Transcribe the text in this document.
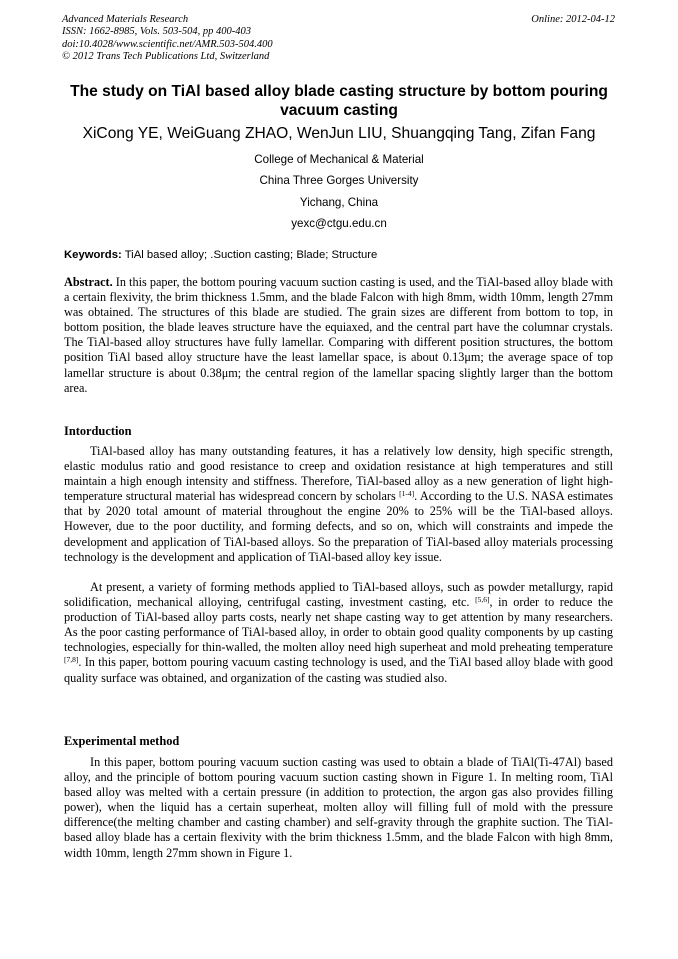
Advanced Materials Research
ISSN: 1662-8985, Vols. 503-504, pp 400-403
doi:10.4028/www.scientific.net/AMR.503-504.400
© 2012 Trans Tech Publications Ltd, Switzerland
Online: 2012-04-12
The study on TiAl based alloy blade casting structure by bottom pouring vacuum casting
XiCong YE, WeiGuang ZHAO, WenJun LIU, Shuangqing Tang, Zifan Fang
College of Mechanical & Material
China Three Gorges University
Yichang, China
yexc@ctgu.edu.cn
Keywords: TiAl based alloy; .Suction casting; Blade; Structure

Abstract. In this paper, the bottom pouring vacuum suction casting is used, and the TiAl-based alloy blade with a certain flexivity, the brim thickness 1.5mm, and the blade Falcon with high 8mm, width 10mm, length 27mm was obtained. The structures of this blade are studied. The grain sizes are different from bottom to top, in bottom position, the blade leaves structure have the equiaxed, and the central part have the columnar crystals. The TiAl-based alloy structures have fully lamellar. Comparing with different position structures, the bottom position TiAl based alloy structure have the least lamellar space, is about 0.13μm; the average space of top lamellar structure is about 0.38μm; the central region of the lamellar spacing slightly larger than the bottom area.

Intorduction

TiAl-based alloy has many outstanding features, it has a relatively low density, high specific strength, elastic modulus ratio and good resistance to creep and oxidation resistance at high temperatures and still maintain a high enough intensity and stiffness. Therefore, TiAl-based alloy as a new generation of light high-temperature structural material has widespread concern by scholars [1-4]. According to the U.S. NASA estimates that by 2020 total amount of material throughout the engine 20% to 25% will be the TiAl-based alloys. However, due to the poor ductility, and forming defects, and so on, which will constraints and impede the development and application of TiAl-based alloys. So the preparation of TiAl-based alloy materials processing technology is the development and application of TiAl-based alloy key issue.

At present, a variety of forming methods applied to TiAl-based alloys, such as powder metallurgy, rapid solidification, mechanical alloying, centrifugal casting, investment casting, etc. [5,6], in order to reduce the production of TiAl-based alloy parts costs, nearly net shape casting way to get attention by many researchers. As the poor casting performance of TiAl-based alloy, in order to obtain good quality components by up casting technologies, especially for thin-walled, the molten alloy need high superheat and mold preheating temperature [7,8]. In this paper, bottom pouring vacuum casting technology is used, and the TiAl based alloy blade with good quality surface was obtained, and organization of the casting was studied also.

Experimental method

In this paper, bottom pouring vacuum suction casting was used to obtain a blade of TiAl(Ti-47Al) based alloy, and the principle of bottom pouring vacuum suction casting shown in Figure 1. In melting room, TiAl based alloy was melted with a certain pressure (in addition to protection, the argon gas also provides filling power), when the liquid has a certain superheat, molten alloy will filling full of mold with the pressure difference(the melting chamber and casting chamber) and self-gravity through the graphite suction. The TiAl-based alloy blade has a certain flexivity with the brim thickness 1.5mm, and the blade Falcon with high 8mm, width 10mm, length 27mm shown in Figure 1.
